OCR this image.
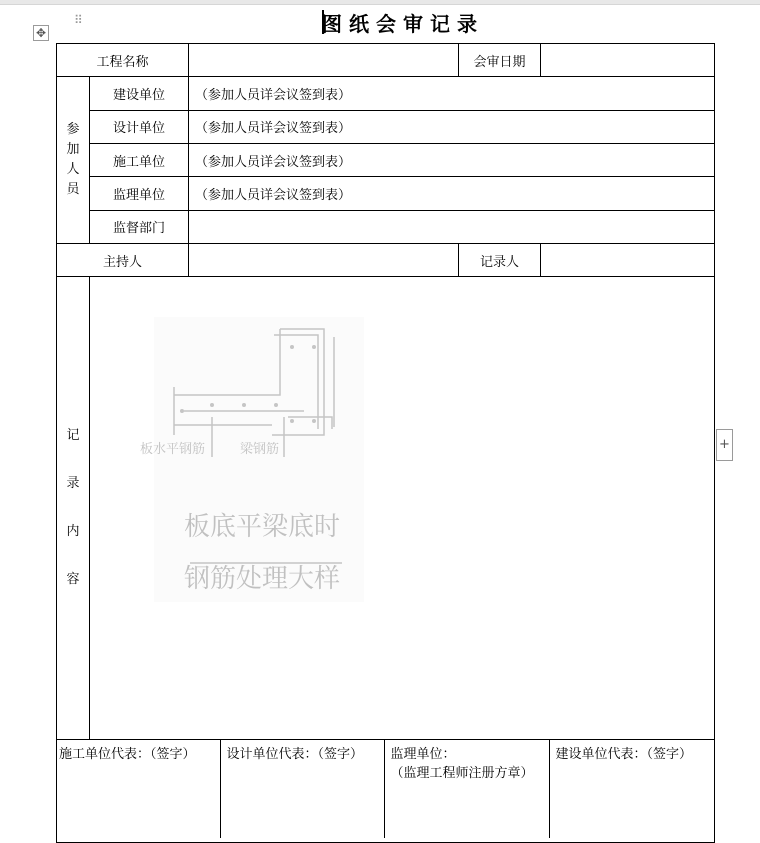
✥
⠿	图纸会审记录
+
工程名称		会审日期	

参
加
人
员
	建设单位	（参加人员详会议签到表）
设计单位	（参加人员详会议签到表）
施工单位	（参加人员详会议签到表）
监理单位	（参加人员详会议签到表）
监督部门	
主持人		记录人	

记
录
内
容

板水平钢筋	梁钢筋
板底平梁底时
钢筋处理大样

施工单位代表：（签字）	设计单位代表：（签字）	监理单位：
（监理工程师注册方章）	建设单位代表：（签字）
